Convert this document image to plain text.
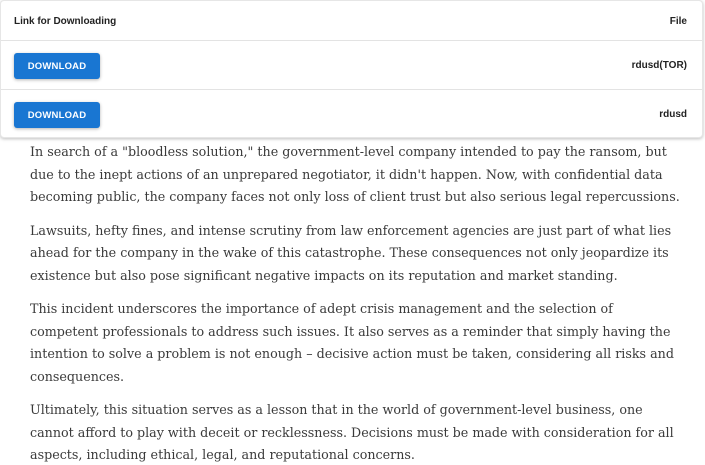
Link for Downloading	File
DOWNLOAD	rdusd(TOR)
DOWNLOAD	rdusd

In search of a "bloodless solution," the government-level company intended to pay the ransom, but due to the inept actions of an unprepared negotiator, it didn't happen. Now, with confidential data becoming public, the company faces not only loss of client trust but also serious legal repercussions.

Lawsuits, hefty fines, and intense scrutiny from law enforcement agencies are just part of what lies ahead for the company in the wake of this catastrophe. These consequences not only jeopardize its existence but also pose significant negative impacts on its reputation and market standing.

This incident underscores the importance of adept crisis management and the selection of competent professionals to address such issues. It also serves as a reminder that simply having the intention to solve a problem is not enough – decisive action must be taken, considering all risks and consequences.

Ultimately, this situation serves as a lesson that in the world of government-level business, one cannot afford to play with deceit or recklessness. Decisions must be made with consideration for all aspects, including ethical, legal, and reputational concerns.
